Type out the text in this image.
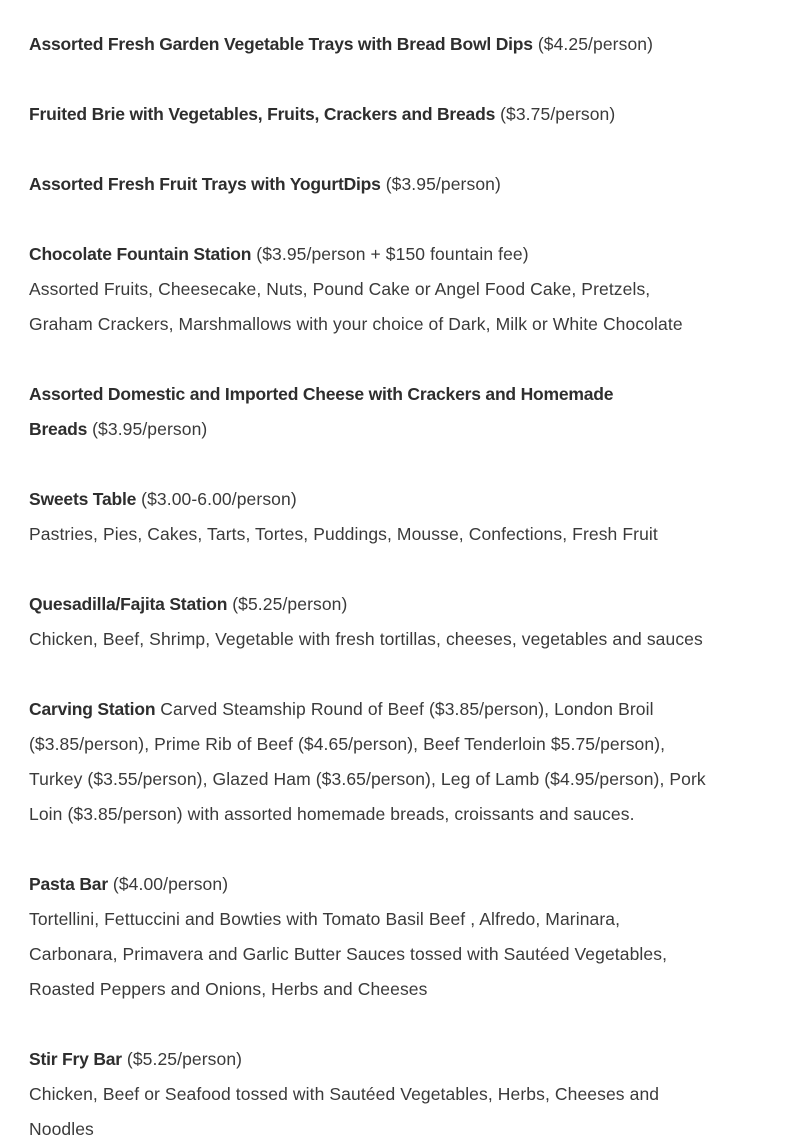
Assorted Fresh Garden Vegetable Trays with Bread Bowl Dips ($4.25/person)
Fruited Brie with Vegetables, Fruits, Crackers and Breads ($3.75/person)
Assorted Fresh Fruit Trays with YogurtDips ($3.95/person)
Chocolate Fountain Station ($3.95/person + $150 fountain fee)
Assorted Fruits, Cheesecake, Nuts, Pound Cake or Angel Food Cake, Pretzels,
Graham Crackers, Marshmallows with your choice of Dark, Milk or White Chocolate
Assorted Domestic and Imported Cheese with Crackers and Homemade
Breads ($3.95/person)
Sweets Table ($3.00-6.00/person)
Pastries, Pies, Cakes, Tarts, Tortes, Puddings, Mousse, Confections, Fresh Fruit
Quesadilla/Fajita Station ($5.25/person)
Chicken, Beef, Shrimp, Vegetable with fresh tortillas, cheeses, vegetables and sauces
Carving Station Carved Steamship Round of Beef ($3.85/person), London Broil
($3.85/person), Prime Rib of Beef ($4.65/person), Beef Tenderloin $5.75/person),
Turkey ($3.55/person), Glazed Ham ($3.65/person), Leg of Lamb ($4.95/person), Pork
Loin ($3.85/person) with assorted homemade breads, croissants and sauces.
Pasta Bar ($4.00/person)
Tortellini, Fettuccini and Bowties with Tomato Basil Beef , Alfredo, Marinara,
Carbonara, Primavera and Garlic Butter Sauces tossed with Sautéed Vegetables,
Roasted Peppers and Onions, Herbs and Cheeses
Stir Fry Bar ($5.25/person)
Chicken, Beef or Seafood tossed with Sautéed Vegetables, Herbs, Cheeses and
Noodles
